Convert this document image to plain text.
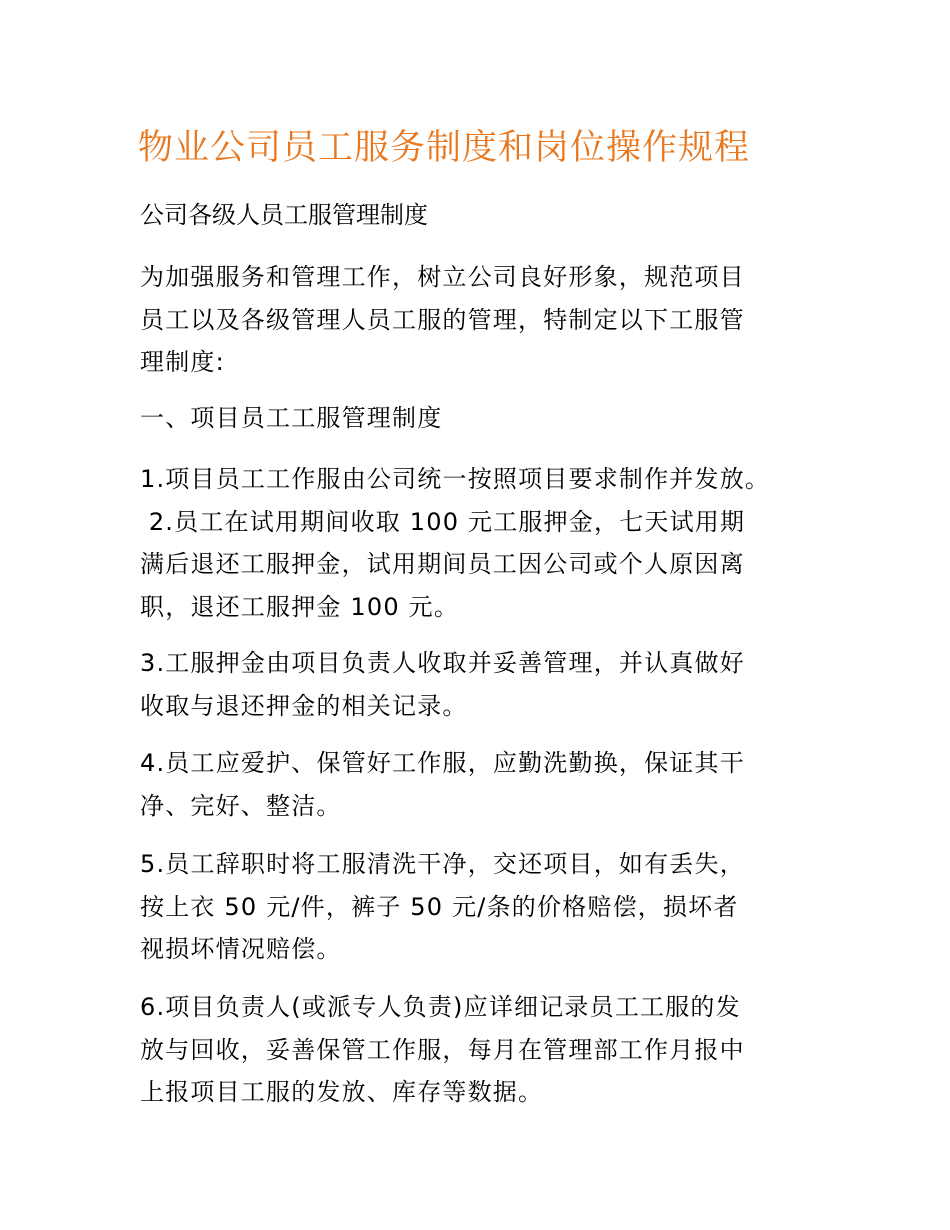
物业公司员工服务制度和岗位操作规程

公司各级人员工服管理制度

为加强服务和管理工作，树立公司良好形象，规范项目
员工以及各级管理人员工服的管理，特制定以下工服管
理制度:

一、项目员工工服管理制度

1.项目员工工作服由公司统一按照项目要求制作并发放。
2.员工在试用期间收取 100 元工服押金，七天试用期
满后退还工服押金，试用期间员工因公司或个人原因离
职，退还工服押金 100 元。

3.工服押金由项目负责人收取并妥善管理，并认真做好
收取与退还押金的相关记录。

4.员工应爱护、保管好工作服，应勤洗勤换，保证其干
净、完好、整洁。

5.员工辞职时将工服清洗干净，交还项目，如有丢失，
按上衣 50 元/件，裤子 50 元/条的价格赔偿，损坏者
视损坏情况赔偿。

6.项目负责人(或派专人负责)应详细记录员工工服的发
放与回收，妥善保管工作服，每月在管理部工作月报中
上报项目工服的发放、库存等数据。
